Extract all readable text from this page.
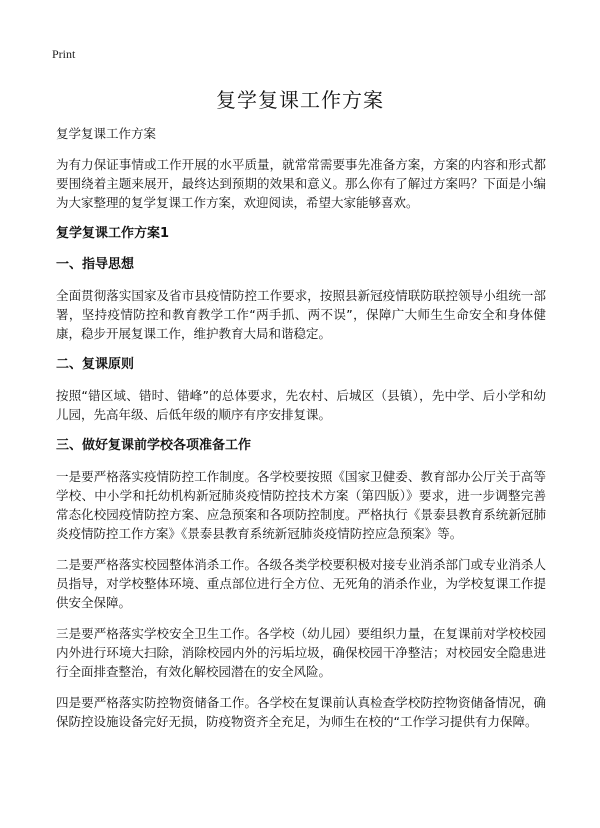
Print
复学复课工作方案

复学复课工作方案

为有力保证事情或工作开展的水平质量，就常常需要事先准备方案，方案的内容和形式都要围绕着主题来展开，最终达到预期的效果和意义。那么你有了解过方案吗？下面是小编为大家整理的复学复课工作方案，欢迎阅读，希望大家能够喜欢。

复学复课工作方案1
一、指导思想

全面贯彻落实国家及省市县疫情防控工作要求，按照县新冠疫情联防联控领导小组统一部署，坚持疫情防控和教育教学工作“两手抓、两不误”，保障广大师生生命安全和身体健康，稳步开展复课工作，维护教育大局和谐稳定。

二、复课原则

按照“错区域、错时、错峰”的总体要求，先农村、后城区（县镇），先中学、后小学和幼儿园，先高年级、后低年级的顺序有序安排复课。

三、做好复课前学校各项准备工作

一是要严格落实疫情防控工作制度。各学校要按照《国家卫健委、教育部办公厅关于高等学校、中小学和托幼机构新冠肺炎疫情防控技术方案（第四版）》要求，进一步调整完善常态化校园疫情防控方案、应急预案和各项防控制度。严格执行《景泰县教育系统新冠肺炎疫情防控工作方案》《景泰县教育系统新冠肺炎疫情防控应急预案》等。

二是要严格落实校园整体消杀工作。各级各类学校要积极对接专业消杀部门或专业消杀人员指导，对学校整体环境、重点部位进行全方位、无死角的消杀作业，为学校复课工作提供安全保障。

三是要严格落实学校安全卫生工作。各学校（幼儿园）要组织力量，在复课前对学校校园内外进行环境大扫除，消除校园内外的污垢垃圾，确保校园干净整洁；对校园安全隐患进行全面排查整治，有效化解校园潜在的安全风险。

四是要严格落实防控物资储备工作。各学校在复课前认真检查学校防控物资储备情况，确保防控设施设备完好无损，防疫物资齐全充足，为师生在校的“工作学习提供有力保障。
